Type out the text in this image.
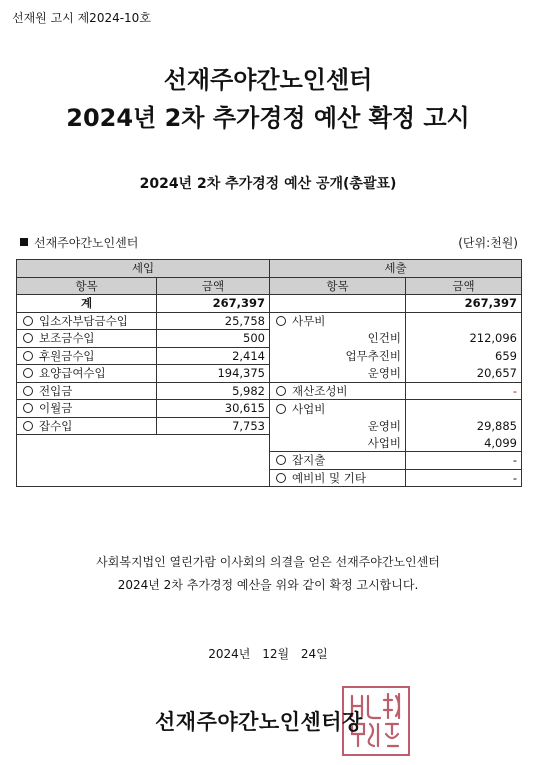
선재원 고시 제2024-10호
선재주야간노인센터
2024년 2차 추가경정 예산 확정 고시
2024년 2차 추가경정 예산 공개(총괄표)
선재주야간노인센터	(단위:천원)
세입		세출	
항목	금액	항목	금액
계	267,397		267,397
입소자부담금수입	25,758	사무비	
보조금수입	500	인건비	212,096
후원금수입	2,414	업무추진비	659
요양급여수입	194,375	운영비	20,657
전입금	5,982	재산조성비	-
이월금	30,615	사업비	
잡수입	7,753	운영비	29,885
		사업비	4,099
		잡지출	-
		예비비 및 기타	-
사회복지법인 열린가람 이사회의 의결을 얻은 선재주야간노인센터
2024년 2차 추가경정 예산을 위와 같이 확정 고시합니다.
2024년 12월 24일
선재주야간노인센터장
